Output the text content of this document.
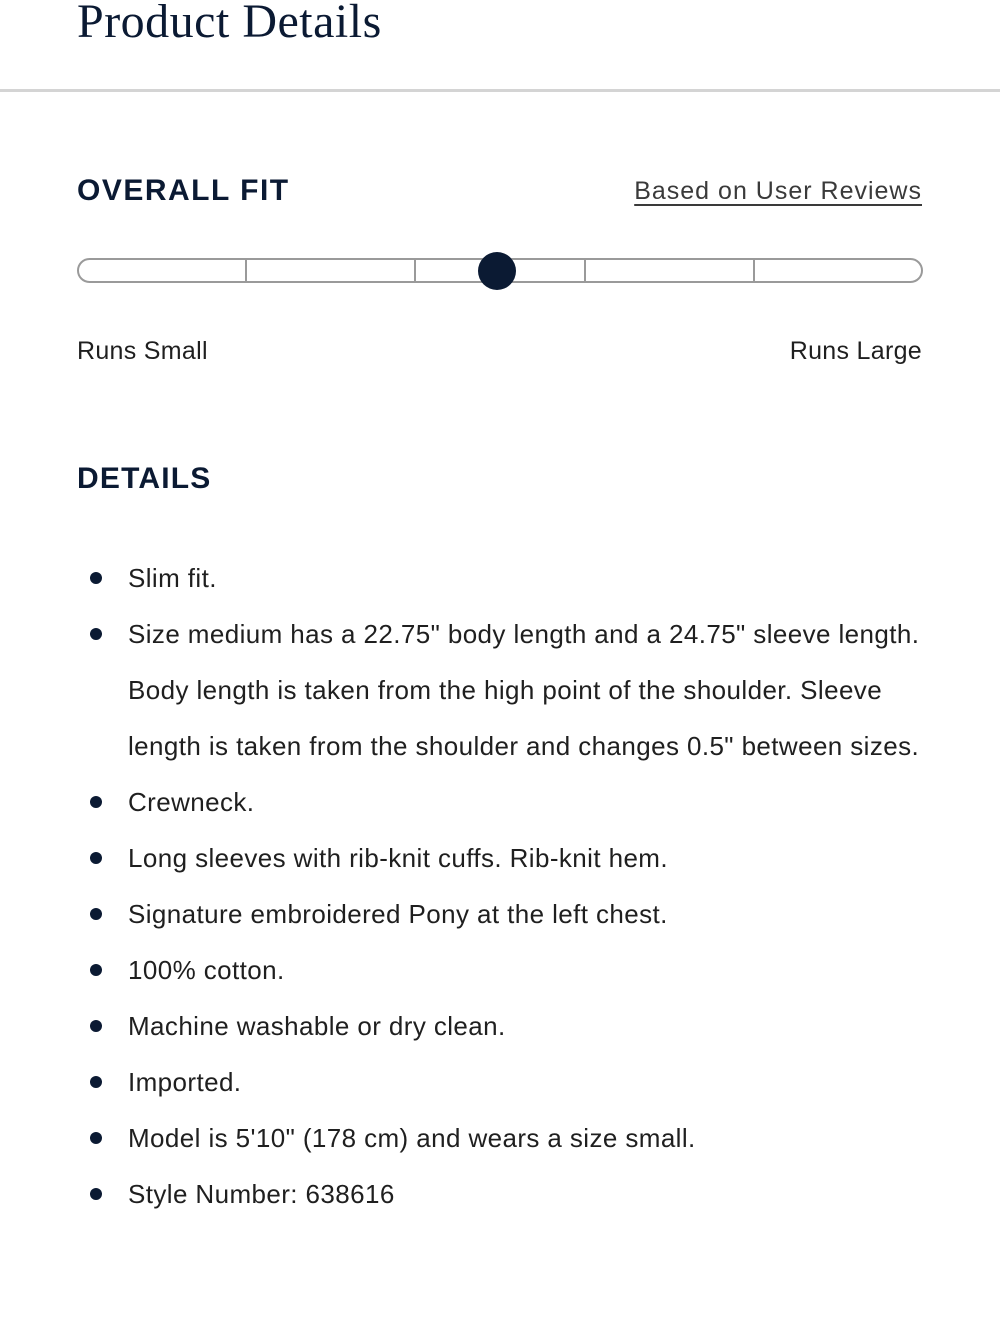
Product Details
OVERALL FIT	Based on User Reviews
Runs Small	Runs Large
DETAILS
Slim fit.
Size medium has a 22.75" body length and a 24.75" sleeve length. Body length is taken from the high point of the shoulder. Sleeve length is taken from the shoulder and changes 0.5" between sizes.
Crewneck.
Long sleeves with rib-knit cuffs. Rib-knit hem.
Signature embroidered Pony at the left chest.
100% cotton.
Machine washable or dry clean.
Imported.
Model is 5'10" (178 cm) and wears a size small.
Style Number: 638616
